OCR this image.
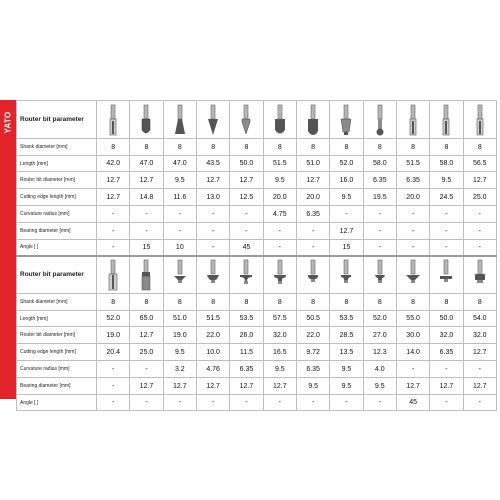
YATO Router bit parameter	

Shank diameter [mm]	8	8	8	8	8	8	8	8	8	8	8	8
Length [mm]	42.0	47.0	47.0	43.5	50.0	51.5	51.0	52.0	58.0	51.5	58.0	56.5
Router bit diameter [mm]	12.7	12.7	9.5	12.7	12.7	9.5	12.7	16.0	6.35	6.35	9.5	12.7
Cutting edge length [mm]	12.7	14.8	11.6	13.0	12.5	20.0	20.0	9.5	19.5	20.0	24.5	25.0
Curvature radius [mm]	-	-	-	-	-	4.75	6.35	-	-	-	-	-
Bearing diameter [mm]	-	-	-	-	-	-	-	12.7	-	-	-	-
Angle [ ]	-	15	10	-	45	-	-	15	-	-	-	-
Router bit parameter	

Shank diameter [mm]	8	8	8	8	8	8	8	8	8	8	8	8
Length [mm]	52.0	65.0	51.0	51.5	53.5	57.5	50.5	53.5	52.0	55.0	50.0	54.0
Router bit diameter [mm]	19.0	12.7	19.0	22.0	26.0	32.0	22.0	28.5	27.0	30.0	32.0	32.0
Cutting edge length [mm]	20.4	25.0	9.5	10.0	11.5	16.5	9.72	13.5	12.3	14.0	6.35	12.7
Curvature radius [mm]	-	-	3.2	4.76	6.35	9.5	6.35	9.5	4.0	-	-	-
Bearing diameter [mm]	-	12.7	12.7	12.7	12.7	12.7	9.5	9.5	9.5	12.7	12.7	12.7
Angle [ ]	-	-	-	-	-	-	-	-	-	45	-	-
